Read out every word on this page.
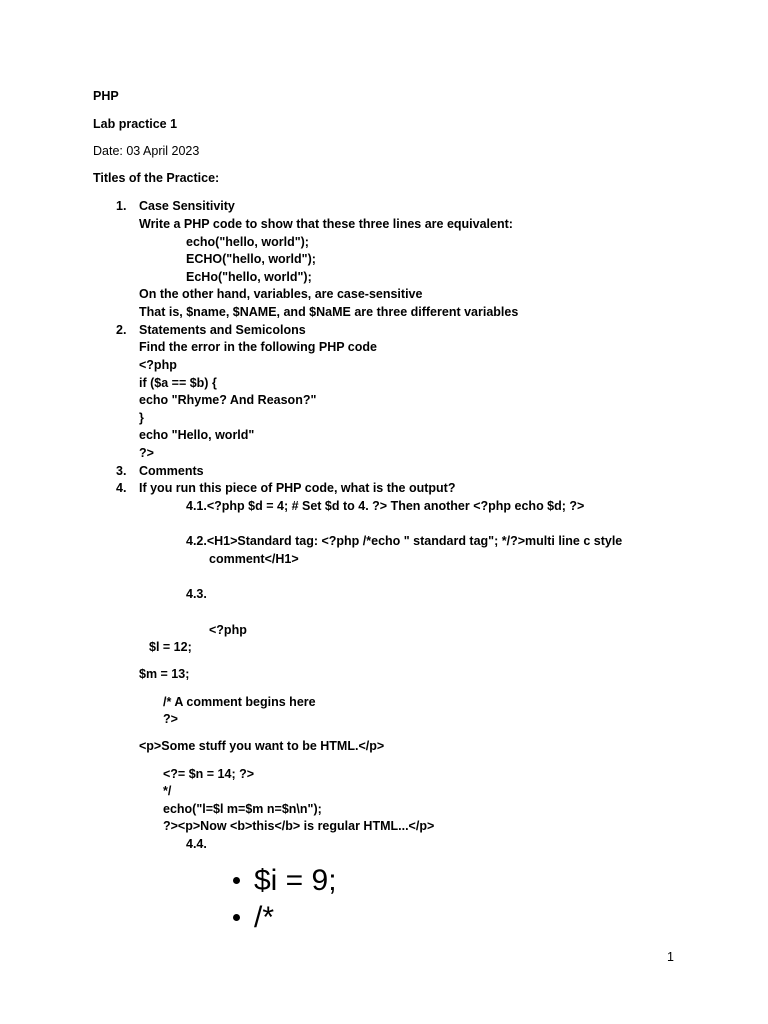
PHP
Lab practice 1
Date: 03 April 2023
Titles of the Practice:
1. Case Sensitivity
Write a PHP code to show that these three lines are equivalent:
echo("hello, world");
ECHO("hello, world");
EcHo("hello, world");
On the other hand, variables, are case-sensitive
That is, $name, $NAME, and $NaME are three different variables
2. Statements and Semicolons
Find the error in the following PHP code
<?php
if ($a == $b) {
echo "Rhyme? And Reason?"
}
echo "Hello, world"
?>
3. Comments
4. If you run this piece of PHP code, what is the output?
4.1.<?php $d = 4; # Set $d to 4. ?> Then another <?php echo $d; ?>
4.2.<H1>Standard tag: <?php /*echo " standard tag"; */?>multi line c style
comment</H1>
4.3.
<?php
$l = 12;
$m = 13;
/* A comment begins here
?>
<p>Some stuff you want to be HTML.</p>
<?= $n = 14; ?>
*/
echo("l=$l m=$m n=$n\n");
?><p>Now <b>this</b> is regular HTML...</p>
4.4.
$i = 9;
/*
1
